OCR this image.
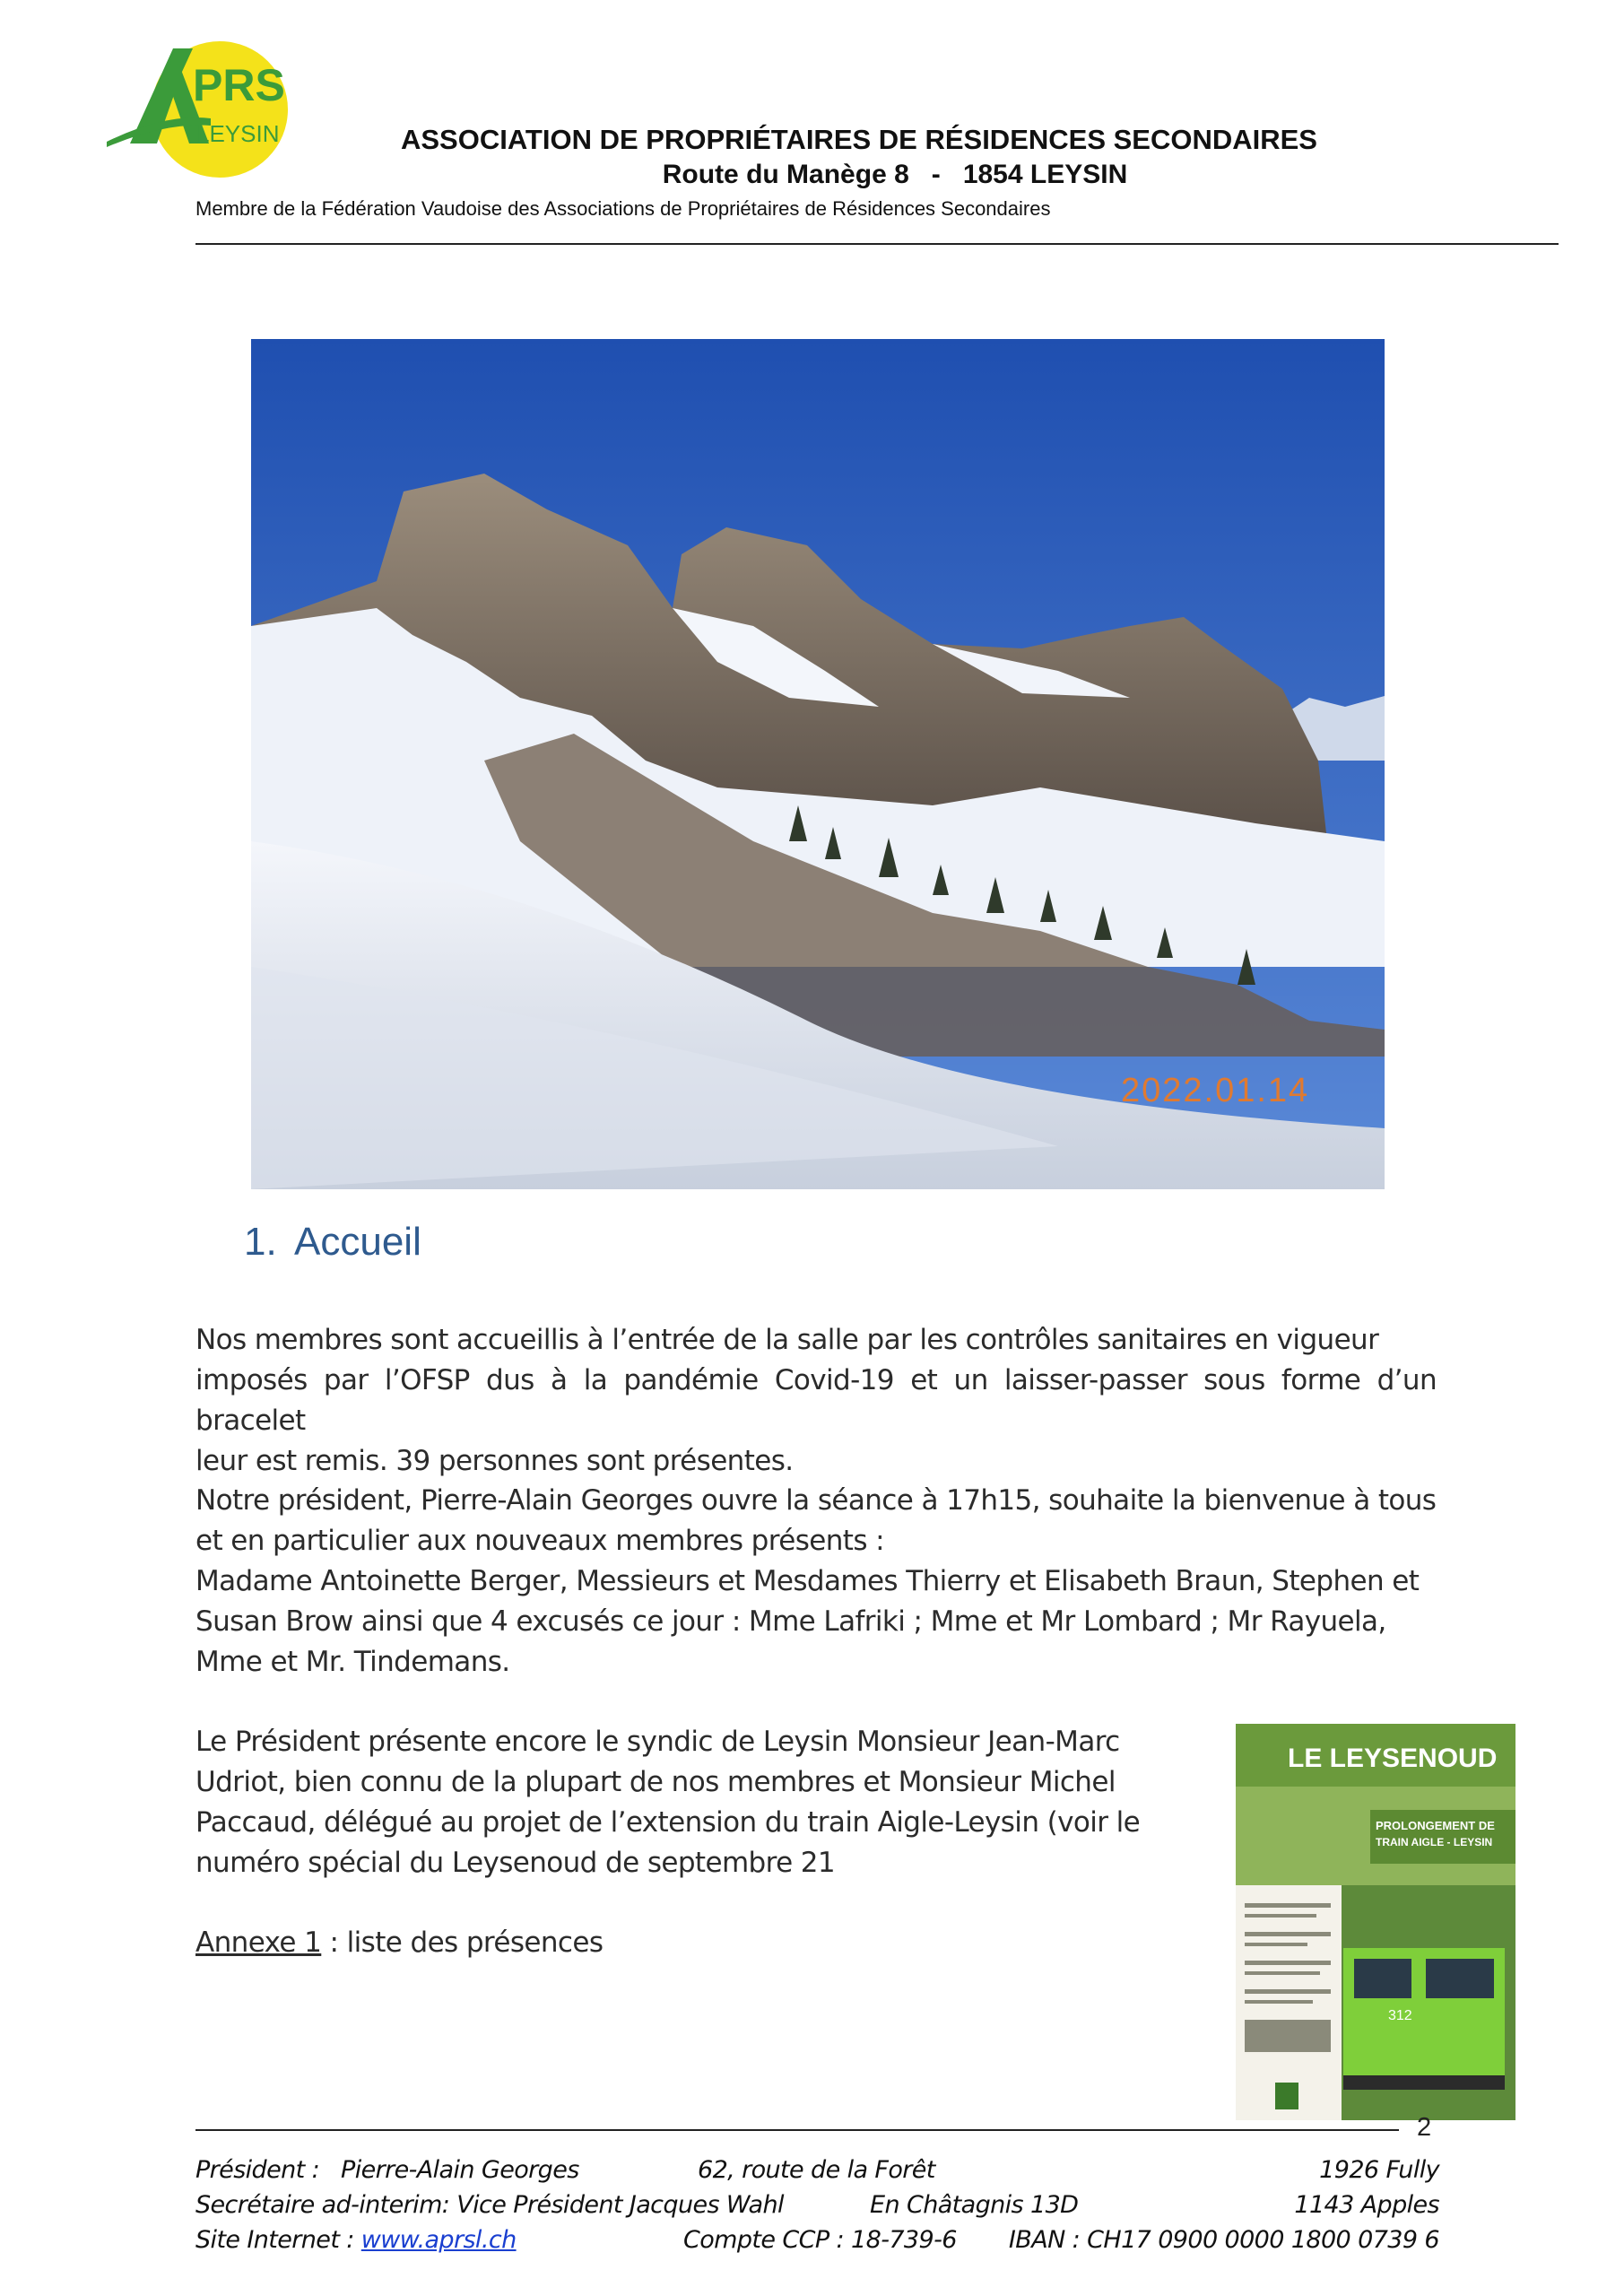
PRS
LEYSIN	ASSOCIATION DE PROPRIÉTAIRES DE RÉSIDENCES SECONDAIRES
Route du Manège 8 - 1854 LEYSIN
Membre de la Fédération Vaudoise des Associations de Propriétaires de Résidences Secondaires
2022.01.14
1. Accueil
Nos membres sont accueillis à l’entrée de la salle par les contrôles sanitaires en vigueur
imposés par l’OFSP dus à la pandémie Covid-19 et un laisser-passer sous forme d’un bracelet
leur est remis. 39 personnes sont présentes.
Notre président, Pierre-Alain Georges ouvre la séance à 17h15, souhaite la bienvenue à tous
et en particulier aux nouveaux membres présents :
Madame Antoinette Berger, Messieurs et Mesdames Thierry et Elisabeth Braun, Stephen et
Susan Brow ainsi que 4 excusés ce jour : Mme Lafriki ; Mme et Mr Lombard ; Mr Rayuela,
Mme et Mr. Tindemans.
Le Président présente encore le syndic de Leysin Monsieur Jean-Marc
Udriot, bien connu de la plupart de nos membres et Monsieur Michel
Paccaud, délégué au projet de l’extension du train Aigle-Leysin (voir le
numéro spécial du Leysenoud de septembre 21
Annexe 1 : liste des présences
LE LEYSENOUD
PROLONGEMENT DE
TRAIN AIGLE - LEYSIN
312
2
Président :   Pierre-Alain Georges	62, route de la Forêt	1926 Fully
Secrétaire ad-interim: Vice Président Jacques Wahl	En Châtagnis 13D	1143 Apples
Site Internet : www.aprsl.ch	Compte CCP : 18-739-6	IBAN : CH17 0900 0000 1800 0739 6
